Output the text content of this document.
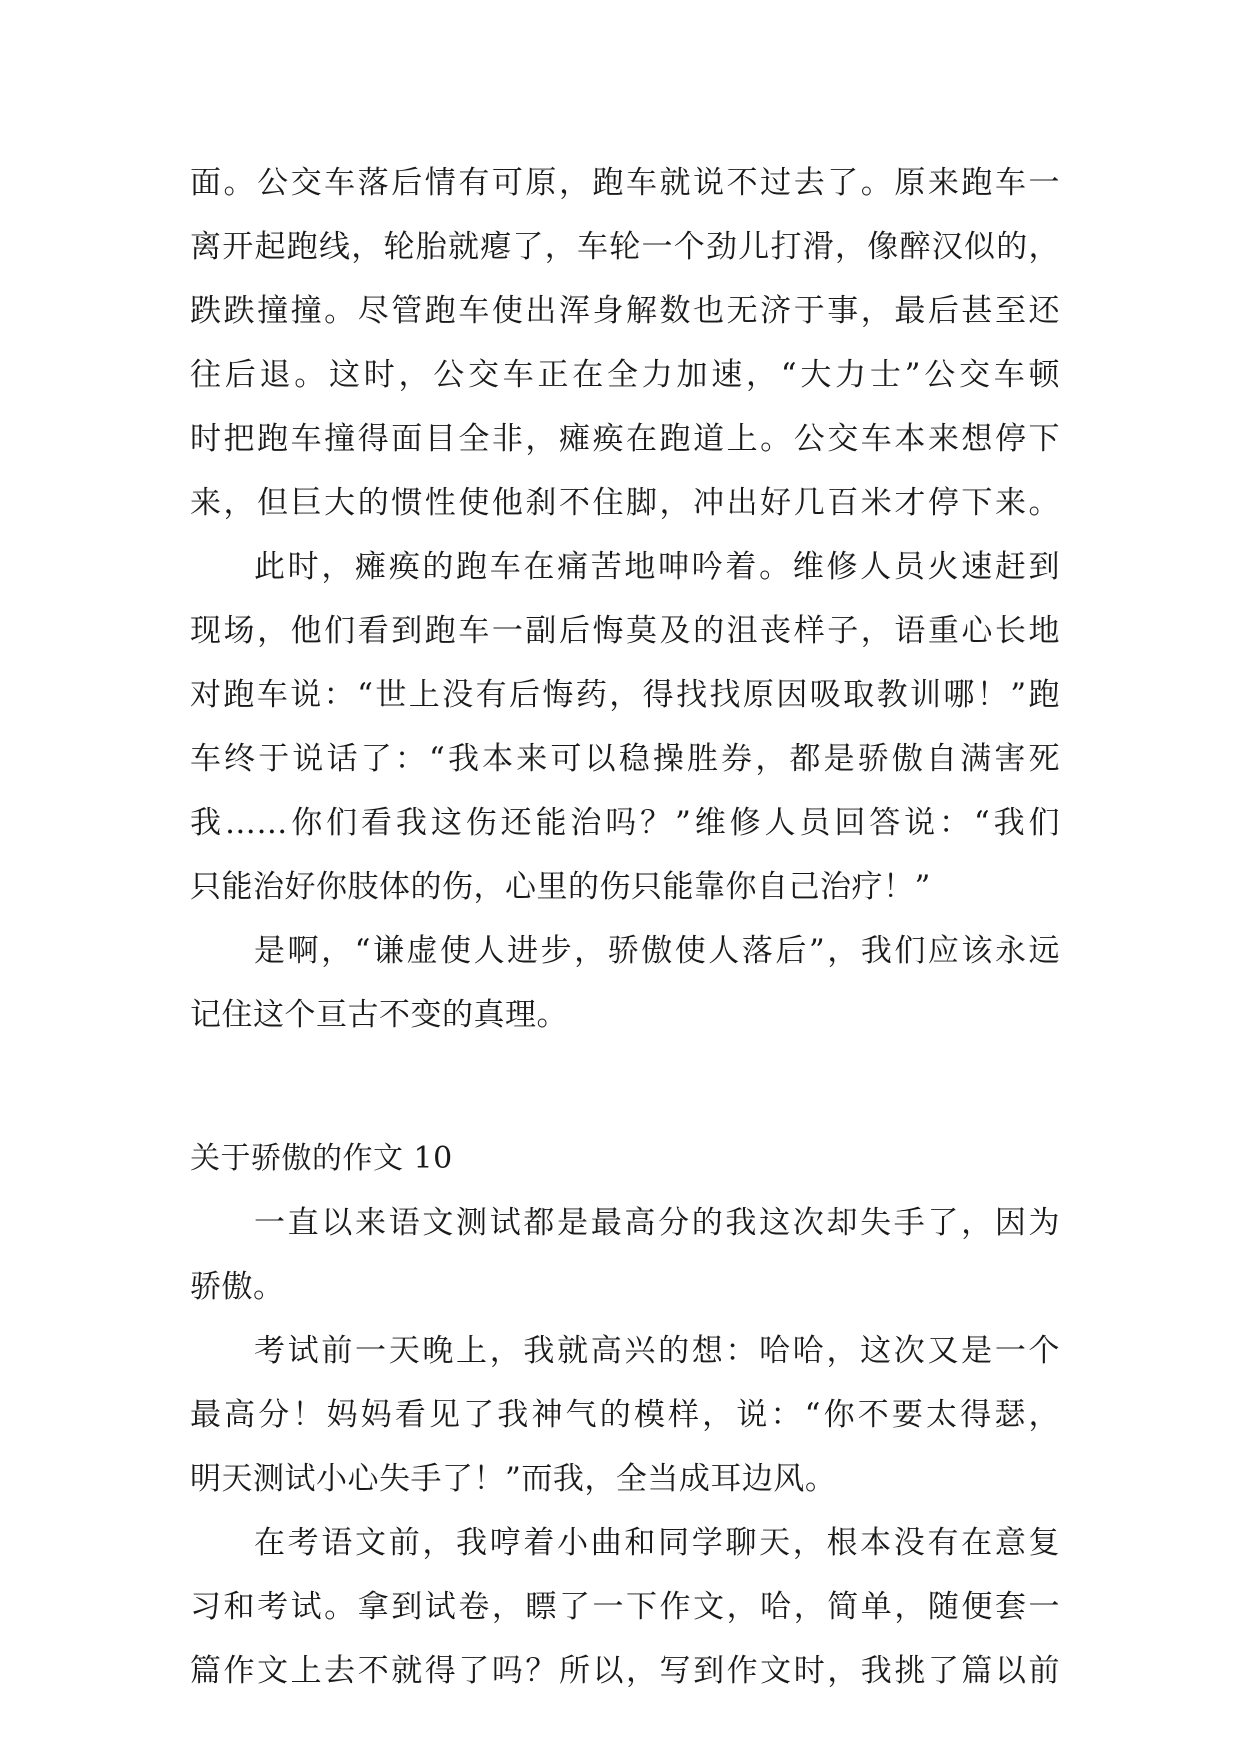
面。公交车落后情有可原，跑车就说不过去了。原来跑车一
离开起跑线，轮胎就瘪了，车轮一个劲儿打滑，像醉汉似的，
跌跌撞撞。尽管跑车使出浑身解数也无济于事，最后甚至还
往后退。这时，公交车正在全力加速，“大力士”公交车顿
时把跑车撞得面目全非，瘫痪在跑道上。公交车本来想停下
来，但巨大的惯性使他刹不住脚，冲出好几百米才停下来。
此时，瘫痪的跑车在痛苦地呻吟着。维修人员火速赶到
现场，他们看到跑车一副后悔莫及的沮丧样子，语重心长地
对跑车说：“世上没有后悔药，得找找原因吸取教训哪！”跑
车终于说话了：“我本来可以稳操胜券，都是骄傲自满害死
我……你们看我这伤还能治吗？”维修人员回答说：“我们
只能治好你肢体的伤，心里的伤只能靠你自己治疗！”
是啊，“谦虚使人进步，骄傲使人落后”，我们应该永远
记住这个亘古不变的真理。
关于骄傲的作文 10
一直以来语文测试都是最高分的我这次却失手了，因为
骄傲。
考试前一天晚上，我就高兴的想：哈哈，这次又是一个
最高分！妈妈看见了我神气的模样，说：“你不要太得瑟，
明天测试小心失手了！”而我，全当成耳边风。
在考语文前，我哼着小曲和同学聊天，根本没有在意复
习和考试。拿到试卷，瞟了一下作文，哈，简单，随便套一
篇作文上去不就得了吗？所以，写到作文时，我挑了篇以前
